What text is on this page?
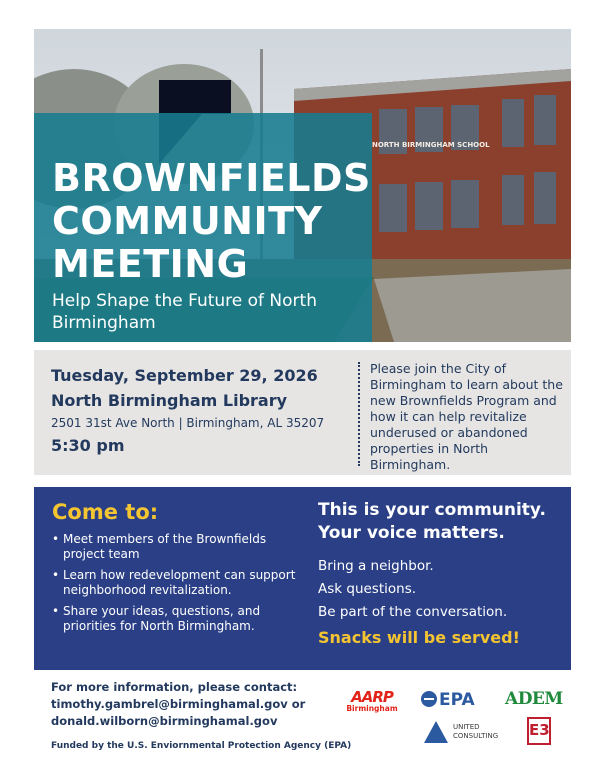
NORTH BIRMINGHAM SCHOOL
BROWNFIELDS
COMMUNITY
MEETING
Help Shape the Future of North Birmingham
Tuesday, September 29, 2026
North Birmingham Library
2501 31st Ave North | Birmingham, AL 35207
5:30 pm
Please join the City of Birmingham to learn about the new Brownfields Program and how it can help revitalize underused or abandoned properties in North Birmingham.
Come to:
• Meet members of the Brownfields project team
• Learn how redevelopment can support neighborhood revitalization.
• Share your ideas, questions, and priorities for North Birmingham.
This is your community.
Your voice matters.
Bring a neighbor.
Ask questions.
Be part of the conversation.
Snacks will be served!
For more information, please contact:
timothy.gambrel@birminghamal.gov or
donald.wilborn@birminghamal.gov
Funded by the U.S. Enviornmental Protection Agency (EPA)
AARP
Birmingham	EPA ADEM
UNITED
CONSULTING E3
